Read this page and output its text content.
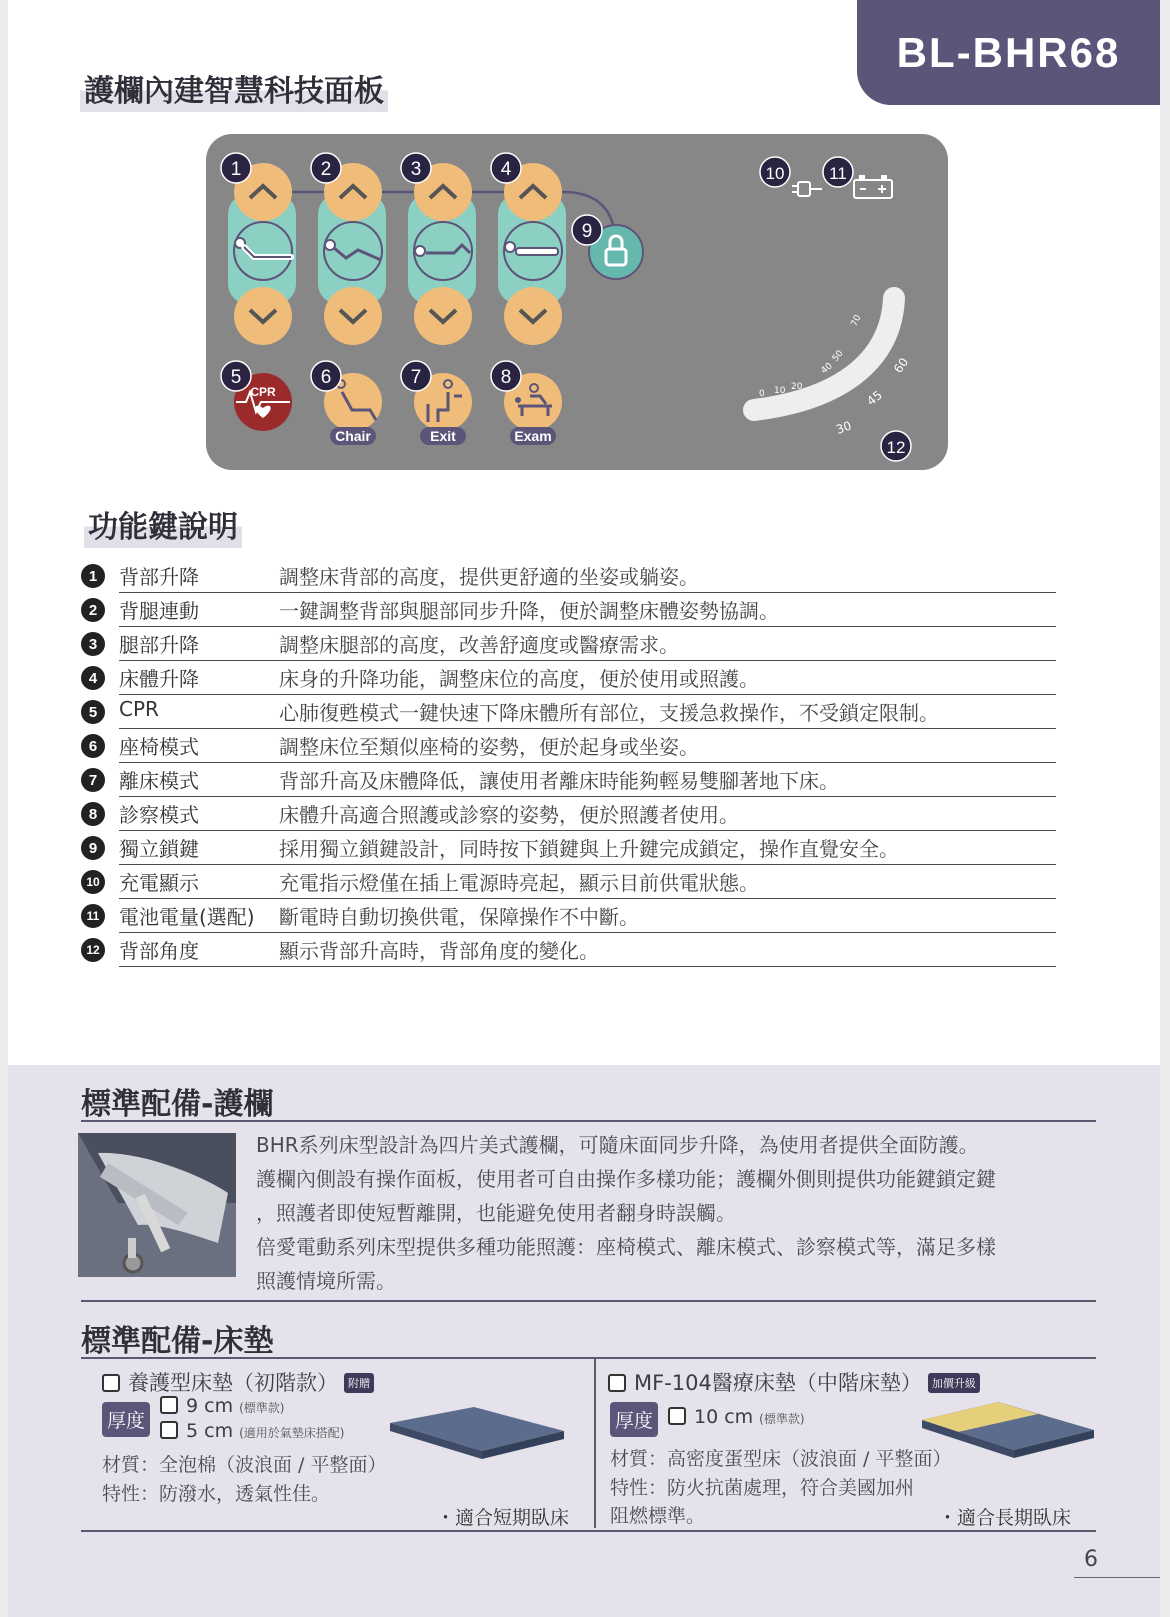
BL-BHR68
護欄內建智慧科技面板
CPR
Chair	Exit	Exam
0 10 20
30
40
50	60
70
45
1	2	3	4
5	6	7	8
9
10	11
12
功能鍵說明
1	背部升降	調整床背部的高度，提供更舒適的坐姿或躺姿。
2	背腿連動	一鍵調整背部與腿部同步升降，便於調整床體姿勢協調。
3	腿部升降	調整床腿部的高度，改善舒適度或醫療需求。
4	床體升降	床身的升降功能，調整床位的高度，便於使用或照護。
5	CPR	心肺復甦模式一鍵快速下降床體所有部位，支援急救操作，不受鎖定限制。
6	座椅模式	調整床位至類似座椅的姿勢，便於起身或坐姿。
7	離床模式	背部升高及床體降低，讓使用者離床時能夠輕易雙腳著地下床。
8	診察模式	床體升高適合照護或診察的姿勢，便於照護者使用。
9	獨立鎖鍵	採用獨立鎖鍵設計，同時按下鎖鍵與上升鍵完成鎖定，操作直覺安全。
10 充電顯示	充電指示燈僅在插上電源時亮起，顯示目前供電狀態。
11 電池電量(選配) 斷電時自動切換供電，保障操作不中斷。
12 背部角度	顯示背部升高時，背部角度的變化。
標準配備-護欄

BHR系列床型設計為四片美式護欄，可隨床面同步升降，為使用者提供全面防護。

護欄內側設有操作面板，使用者可自由操作多樣功能；護欄外側則提供功能鍵鎖定鍵

，照護者即使短暫離開，也能避免使用者翻身時誤觸。

倍愛電動系列床型提供多種功能照護：座椅模式、離床模式、診察模式等，滿足多樣

照護情境所需。

標準配備-床墊
養護型床墊（初階款） 附贈
厚度
9 cm (標準款)
5 cm (適用於氣墊床搭配)
材質：全泡棉（波浪面 / 平整面）
特性：防潑水，透氣性佳。
・適合短期臥床
MF-104醫療床墊（中階床墊） 加價升級
厚度	10 cm (標準款)
材質：高密度蛋型床（波浪面 / 平整面）
特性：防火抗菌處理，符合美國加州
阻燃標準。	・適合長期臥床
6
